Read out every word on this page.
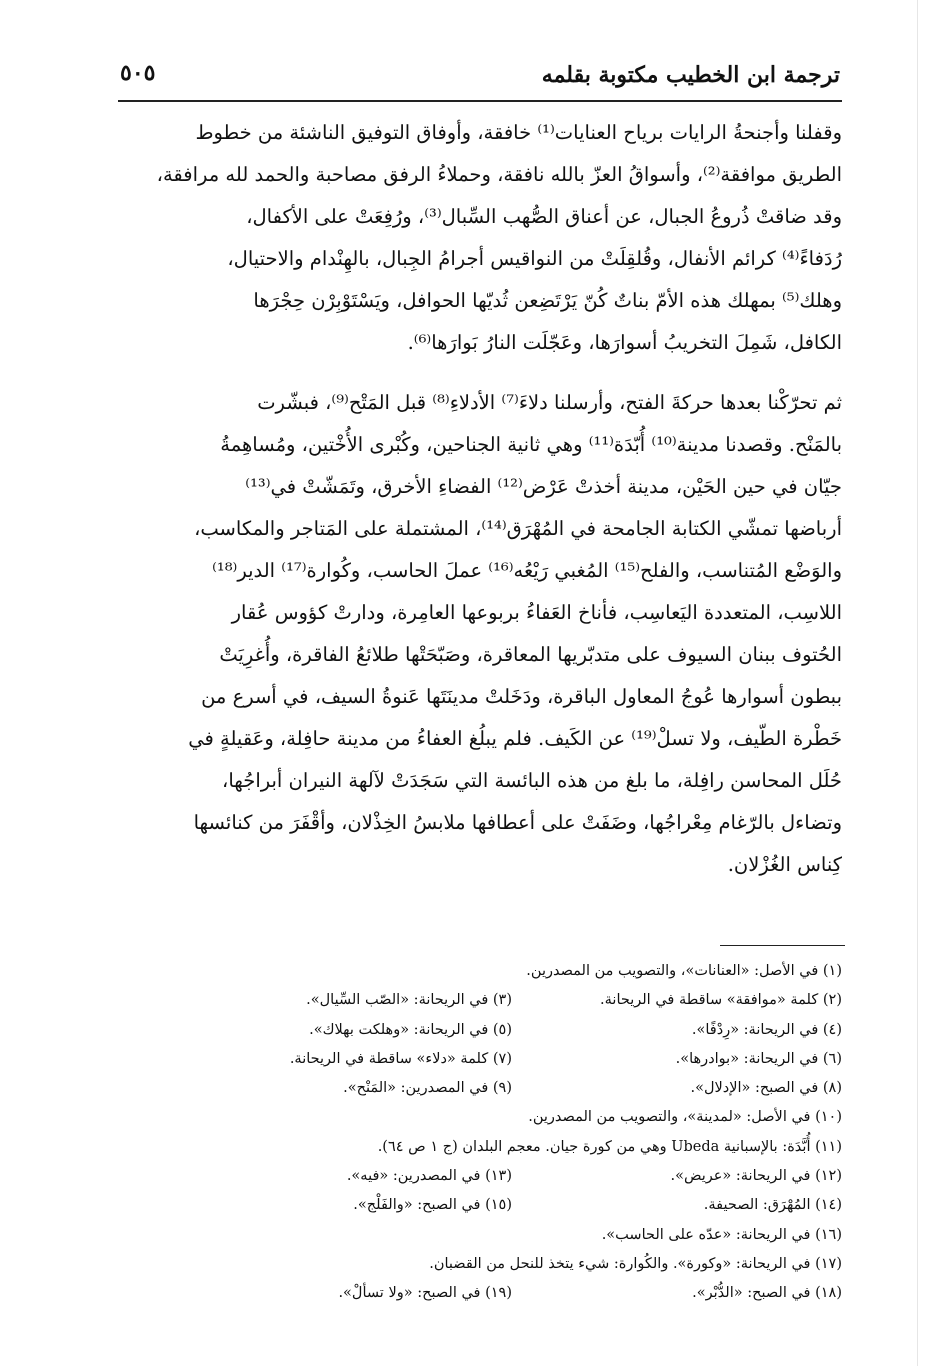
٥٠٥	ترجمة ابن الخطيب مكتوبة بقلمه
وقفلنا وأجنحةُ الرايات برياح العنايات⁽¹⁾ خافقة، وأوفاق التوفيق الناشئة من خطوط
الطريق موافقة⁽²⁾، وأسواقُ العزّ بالله نافقة، وحملاءُ الرفق مصاحبة والحمد لله مرافقة،
وقد ضاقتْ ذُروعُ الجبال، عن أعناق الصُّهب السِّبال⁽³⁾، ورُفِعَتْ على الأكفال،
رُدَفاءً⁽⁴⁾ كرائم الأنفال، وقُلقِلَتْ من النواقيس أجرامُ الجِبال، بالهِنْدام والاحتيال،
وهلك⁽⁵⁾ بمهلك هذه الأمّ بناتٌ كُنّ يَرْتَضِعن ثُديّها الحوافل، ويَسْتَوْبِرْن حِجْرَها
الكافل، شَمِلَ التخريبُ أسوارَها، وعَجّلَت النارُ بَوارَها⁽⁶⁾.
ثم تحرّكْنا بعدها حركةَ الفتح، وأرسلنا دلاءَ⁽⁷⁾ الأدلاءِ⁽⁸⁾ قبل المَتْح⁽⁹⁾، فبشّرت
بالمَنْح. وقصدنا مدينة⁽¹⁰⁾ أُبّدَة⁽¹¹⁾ وهي ثانية الجناحين، وكُبْرى الأُخْتين، ومُساهِمةُ
جيّان في حين الحَيْن، مدينة أخذتْ عَرْض⁽¹²⁾ الفضاءِ الأخرق، وتَمَشّتْ في⁽¹³⁾
أرباضها تمشّي الكتابة الجامحة في المُهْرَق⁽¹⁴⁾، المشتملة على المَتاجر والمكاسب،
والوَضْع المُتناسب، والفلح⁽¹⁵⁾ المُغبي رَيْعُه⁽¹⁶⁾ عملَ الحاسب، وكُوارة⁽¹⁷⁾ الدير⁽¹⁸⁾
اللاسِب، المتعددة اليَعاسِب، فأناخ العَفاءُ بربوعها العامِرة، ودارتْ كؤوس عُقار
الحُتوف ببنان السيوف على متدبّريها المعاقرة، وصَبّحَتْها طلائعُ الفاقرة، وأُغرِيَتْ
ببطون أسوارها عُوجُ المعاول الباقرة، ودَخَلتْ مدينَتَها عَنوةُ السيف، في أسرع من
خَطْرة الطّيف، ولا تسلْ⁽¹⁹⁾ عن الكَيف. فلم يبلُغ العفاءُ من مدينة حافِلة، وعَقيلةٍ في
حُلَل المحاسن رافِلة، ما بلغ من هذه البائسة التي سَجَدَتْ لآلهة النيران أبراجُها،
وتضاءل بالرّغام مِعْراجُها، وضَفَتْ على أعطافها ملابسُ الخِذْلان، وأقْفَرَ من كنائسها
كِناس الغُزْلان.
(١) في الأصل: «العنانات»، والتصويب من المصدرين.
(٢) كلمة «موافقة» ساقطة في الريحانة.
(٣) في الريحانة: «الصّب السِّيال».
(٤) في الريحانة: «رِدْفًا».
(٥) في الريحانة: «وهلكت بهلاك».
(٦) في الريحانة: «بوادرها».
(٧) كلمة «دلاء» ساقطة في الريحانة.
(٨) في الصبح: «الإدلال».
(٩) في المصدرين: «المَنْح».
(١٠) في الأصل: «لمدينة»، والتصويب من المصدرين.
(١١) أُبَّدَة: بالإسبانية Ubeda وهي من كورة جيان. معجم البلدان (ج ١ ص ٦٤).
(١٢) في الريحانة: «عريض».
(١٣) في المصدرين: «فيه».
(١٤) المُهْرَق: الصحيفة.
(١٥) في الصبح: «والفَلْج».
(١٦) في الريحانة: «عدّه على الحاسب».
(١٧) في الريحانة: «وكورة». والكُوارة: شيء يتخذ للنحل من القضبان.
(١٨) في الصبح: «الدُّبْر».
(١٩) في الصبح: «ولا تسألْ».
